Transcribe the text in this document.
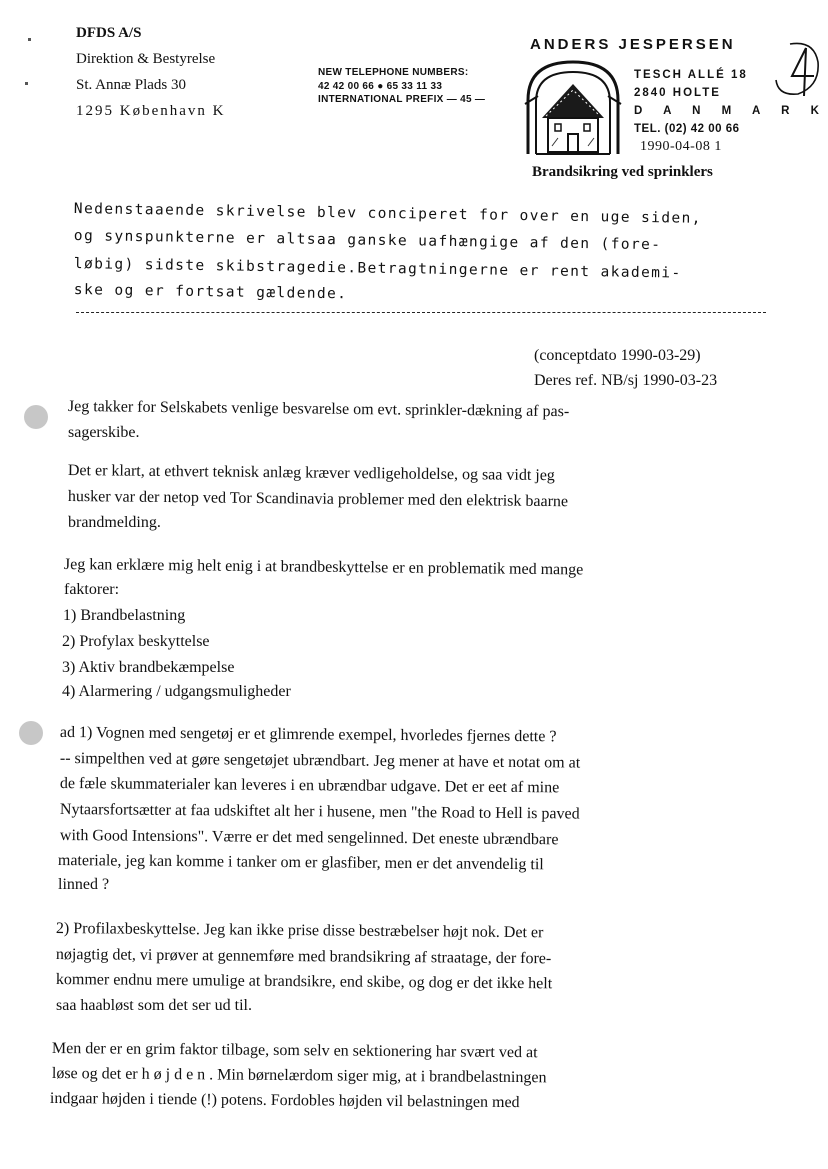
DFDS A/S
Direktion & Bestyrelse
St. Annæ Plads 30
1295 København K
NEW TELEPHONE NUMBERS:
42 42 00 66 ● 65 33 11 33
INTERNATIONAL PREFIX — 45 —
ANDERS JESPERSEN
TESCH ALLÉ 18
2840 HOLTE
D A N M A R K
TEL. (02) 42 00 66
1990-04-08 1
Brandsikring ved sprinklers
Nedenstaaende skrivelse blev conciperet for over en uge siden,
og synspunkterne er altsaa ganske uafhængige af den (fore-
løbig) sidste skibstragedie.Betragtningerne er rent akademi-
ske og er fortsat gældende.
(conceptdato 1990-03-29)
Deres ref. NB/sj 1990-03-23
Jeg takker for Selskabets venlige besvarelse om evt. sprinkler-dækning af pas-
sagerskibe.
Det er klart, at ethvert teknisk anlæg kræver vedligeholdelse, og saa vidt jeg
husker var der netop ved Tor Scandinavia problemer med den elektrisk baarne
brandmelding.
Jeg kan erklære mig helt enig i at brandbeskyttelse er en problematik med mange
faktorer:
1) Brandbelastning
2) Profylax beskyttelse
3) Aktiv brandbekæmpelse
4) Alarmering / udgangsmuligheder
ad 1) Vognen med sengetøj er et glimrende exempel, hvorledes fjernes dette ?
-- simpelthen ved at gøre sengetøjet ubrændbart. Jeg mener at have et notat om at
de fæle skummaterialer kan leveres i en ubrændbar udgave. Det er eet af mine
Nytaarsfortsætter at faa udskiftet alt her i husene, men "the Road to Hell is paved
with Good Intensions". Værre er det med sengelinned. Det eneste ubrændbare
materiale, jeg kan komme i tanker om er glasfiber, men er det anvendelig til
linned ?
2) Profilaxbeskyttelse. Jeg kan ikke prise disse bestræbelser højt nok. Det er
nøjagtig det, vi prøver at gennemføre med brandsikring af straatage, der fore-
kommer endnu mere umulige at brandsikre, end skibe, og dog er det ikke helt
saa haabløst som det ser ud til.
Men der er en grim faktor tilbage, som selv en sektionering har svært ved at
løse og det er h ø j d e n . Min børnelærdom siger mig, at i brandbelastningen
indgaar højden i tiende (!) potens. Fordobles højden vil belastningen med
